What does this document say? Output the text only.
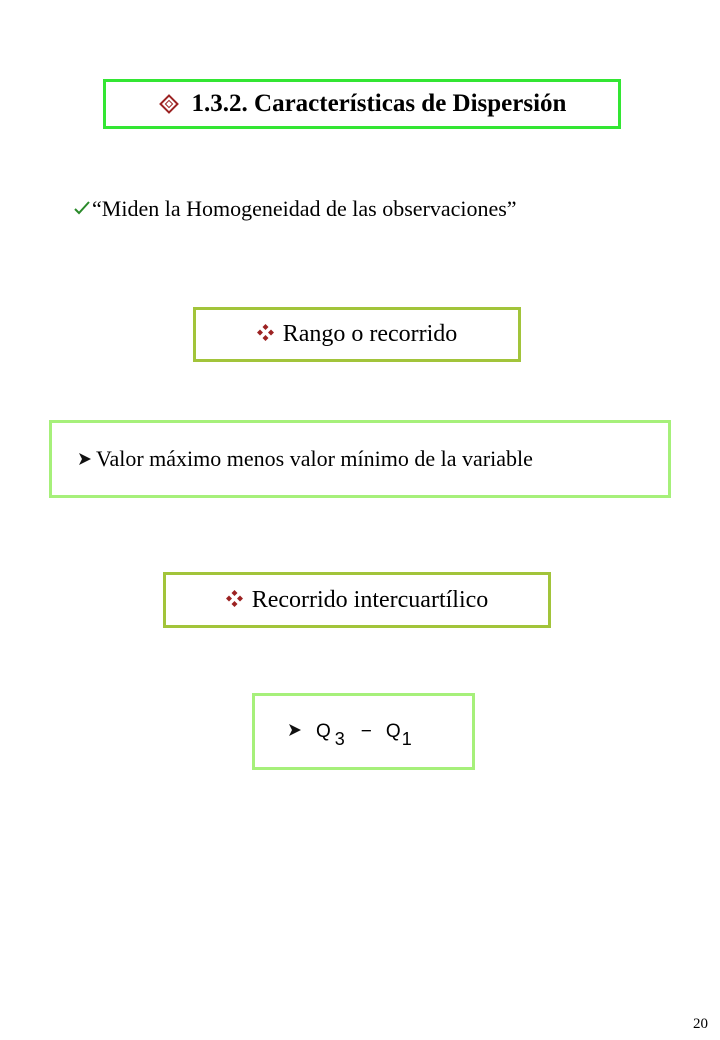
1.3.2. Características de Dispersión
“Miden la Homogeneidad de las observaciones”
Rango o recorrido
Valor máximo menos valor mínimo de la variable
Recorrido intercuartílico
Q 3 − Q 1
20
